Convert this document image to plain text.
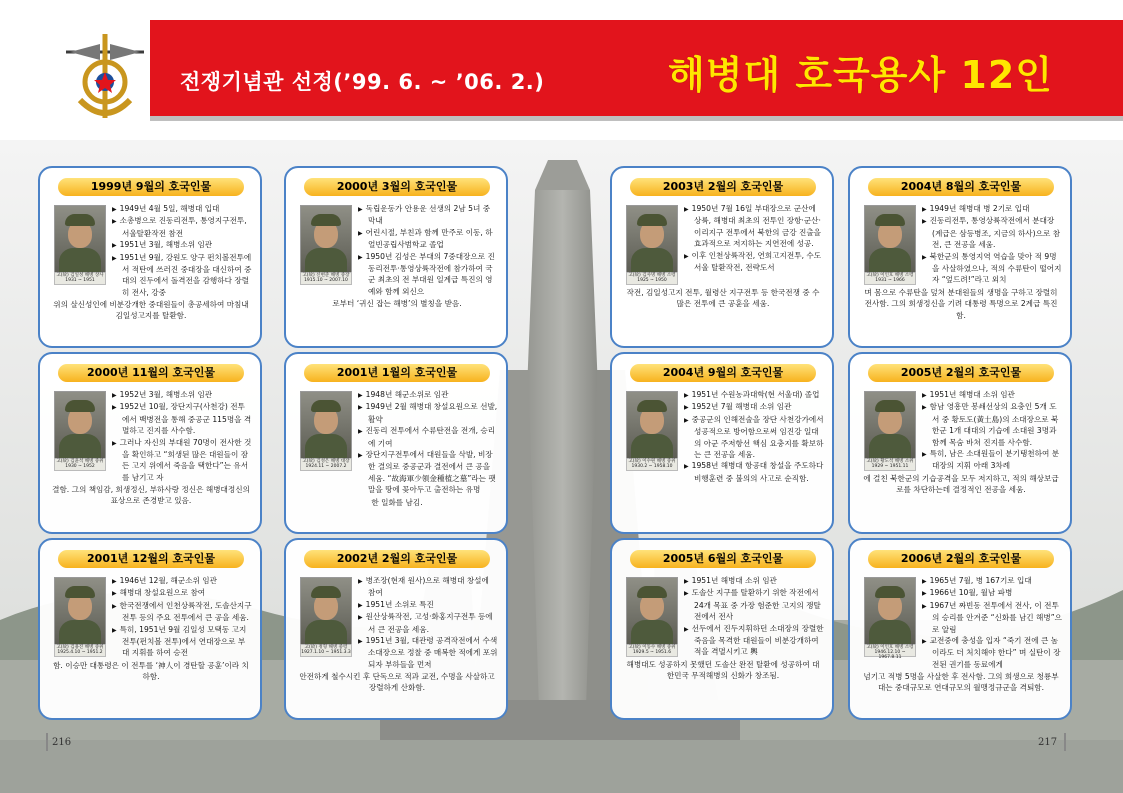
전쟁기념관 선정(’99. 6. ~ ’06. 2.)	해병대 호국용사 12인
1999년 9월의 호국인물
고(故) 김일성 해병 상사
1931 ~ 1951
▶ 1949년 4월 5일, 해병대 입대
▶ 소총병으로 진동리전투, 통영지구전투, 서울탈환작전 참전
▶ 1951년 3월, 해병소위 임관
▶ 1951년 9월, 강원도 양구 펀치볼전투에서 적탄에 쓰러진 중대장을 대신하여 중대의 진두에서 돌격전을 감행하다 장렬히 전사, 강중
위의 살신성인에 비분강개한 중대원들이 총공세하여 마침내 김일성고지를 탈환함.
2000년 3월의 호국인물
고(故) 신현준 해병 중장
1915.10 ~ 2007.10
▶ 독립운동가 안용운 선생의 2남 5녀 중 막내
▶ 어린시절, 부친과 함께 만주로 이동, 하얼빈공립사범학교 졸업
▶ 1950년 김성은 부대의 7중대장으로 진동리전투·통영상륙작전에 참가하여 국군 최초의 전 부대원 일계급 특진의 영예와 함께 외신으
로부터 ‘귀신 잡는 해병’의 별칭을 받음.
2003년 2월의 호국인물
고(故) 김사명 해병 소령
1925 ~ 1950
▶ 1950년 7월 16일 부대장으로 군산에 상륙, 해병대 최초의 전투인 장항·군산·이리지구 전투에서 북한의 금강 진출을 효과적으로 저지하는 지연전에 성공.
▶ 이후 인천상륙작전, 연희고지전투, 수도 서울 탈환작전, 전략도서
작전, 김일성고지 전투, 월령산 지구전투 등 한국전쟁 중 수많은 전투에 큰 공훈을 세움.
2004년 8월의 호국인물
고(故) 이인호 해병 소령
1931 ~ 1966
▶ 1949년 해병대 병 2기로 입대
▶ 진동리전투, 통영상륙작전에서 분대장(계급은 삼등병조, 지금의 하사)으로 참전, 큰 전공을 세움.
▶ 북한군의 통영지역 역습을 맞아 적 9명을 사살하였으나, 적의 수류탄이 떨어지자 “엎드려!”라고 외치
며 몸으로 수류탄을 덮쳐 분대원들의 생명을 구하고 장렬히 전사함. 그의 희생정신을 기려 대통령 특명으로 2계급 특진함.
2000년 11월의 호국인물
고(故) 김윤석 해병 중위
1930 ~ 1952
▶ 1952년 3월, 해병소위 임관
▶ 1952년 10월, 장단지구(사천강) 전투에서 백병전을 통해 중공군 115명을 격멸하고 진지를 사수함.
▶ 그러나 자신의 부대원 70명이 전사한 것을 확인하고 “희생된 많은 대원들이 잠든 고지 위에서 죽음을 택한다”는 유서를 남기고 자
결함. 그의 책임감, 희생정신, 부하사랑 정신은 해병대정신의 표상으로 존경받고 있음.
2001년 1월의 호국인물
고(故) 김성은 해병 대장
1924.11 ~ 2007.2
▶ 1948년 해군소위로 임관
▶ 1949년 2월 해병대 창설요원으로 선발, 활약
▶ 진동리 전투에서 수류탄전을 전개, 승리에 기여
▶ 장단지구전투에서 대원들을 삭발, 비장한 결의로 중공군과 결전에서 큰 공을 세움. “故海軍少領金種植之墓”라는 팻말을 땅에 꽂아두고 출전하는 유명
한 일화를 남김.
2004년 9월의 호국인물
고(故) 이수원 해병 중위
1930.2 ~ 1958.10
▶ 1951년 수원농과대학(현 서울대) 졸업
▶ 1952년 7월 해병대 소위 임관
▶ 중공군의 인해전술을 장단 사천강가에서 성공적으로 방어함으로써 임진강 일대의 아군 주저항선 핵심 요충지를 확보하는 큰 전공을 세움.
▶ 1958년 해병대 항공대 창설을 주도하다 비행훈련 중 불의의 사고로 순직함.
2005년 2월의 호국인물
고(故) 황도석 해병 소위
1929 ~ 1951.11
▶ 1951년 해병대 소위 임관
▶ 함남 영흥만 봉쇄선상의 요충인 5개 도서 중 황토도(黃土島)의 소대장으로 북한군 1개 대대의 기습에 소대원 3명과 함께 목숨 바쳐 진지를 사수함.
▶ 특히, 남은 소대원들이 분기탱천하여 분대장의 지휘 아래 3차례
에 걸친 북한군의 기습공격을 모두 저지하고, 적의 해상보급로를 차단하는데 결정적인 전공을 세움.
2001년 12월의 호국인물
고(故) 김용진 해병 중위
1925.4.10 ~ 1951.2
▶ 1946년 12월, 해군소위 임관
▶ 해병대 창설요원으로 참여
▶ 한국전쟁에서 인천상륙작전, 도솔산지구 전투 등의 주요 전투에서 큰 공을 세움.
▶ 특히, 1951년 9월 김일성 모택동 고지 전투(펀치볼 전투)에서 연대장으로 부대 지휘를 하여 승전
함. 이승만 대통령은 이 전투를 ‘神人이 경탄할 공훈’이라 치하함.
2002년 2월의 호국인물
고(故) 정형 해병 중령
1927.1.10 ~ 1951.3.3
▶ 병조장(현재 원사)으로 해병대 창설에 참여
▶ 1951년 소위로 특진
▶ 원산상륙작전, 고성·화홍지구전투 등에서 큰 전공을 세움.
▶ 1951년 3월, 대관령 공격작전에서 수색소대장으로 정찰 중 매복한 적에게 포위되자 부하들을 먼저
안전하게 철수시킨 후 단독으로 적과 교전, 수명을 사살하고 장렬하게 산화함.
2005년 6월의 호국인물
고(故) 이동수 해병 중위
1929.5 ~ 1951.6
▶ 1951년 해병대 소위 임관
▶ 도솔산 지구를 탈환하기 위한 작전에서 24개 목표 중 가장 험준한 고지의 쟁탈전에서 전사
▶ 선두에서 진두지휘하던 소대장의 장렬한 죽음을 목격한 대원들이 비분강개하여 적을 격멸시키고 輿
해병대도 성공하지 못했던 도솔산 완전 탈환에 성공하여 대한민국 무적해병의 신화가 창조됨.
2006년 2월의 호국인물
고(故) 이인호 해병 소령
1946.12.10 ~ 1967.8.11
▶ 1965년 7월, 병 167기로 입대
▶ 1966년 10월, 월남 파병
▶ 1967년 짜빈동 전투에서 전사, 이 전투의 승리를 안겨준 “신화를 남긴 해병”으로 알림
▶ 교전중에 충성을 입자 “죽기 전에 큰 놈이라도 더 처치해야 한다” 며 실탄이 장전된 권기를 동료에게
넘기고 적병 5명을 사살한 후 전사함. 그의 희생으로 청룡부대는 중대규모로 연대규모의 월맹정규군을 격퇴함.
216	217
